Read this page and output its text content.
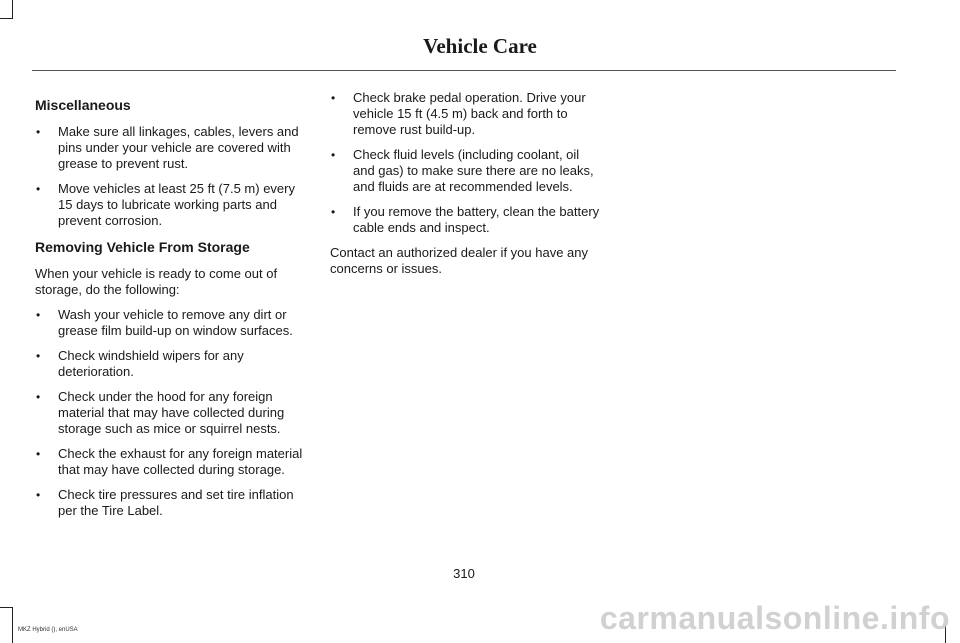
Vehicle Care
Miscellaneous
• Make sure all linkages, cables, levers and pins under your vehicle are covered with grease to prevent rust.
• Move vehicles at least 25 ft (7.5 m) every 15 days to lubricate working parts and prevent corrosion.
Removing Vehicle From Storage

When your vehicle is ready to come out of storage, do the following:

• Wash your vehicle to remove any dirt or grease film build-up on window surfaces.
• Check windshield wipers for any deterioration.
• Check under the hood for any foreign material that may have collected during storage such as mice or squirrel nests.
• Check the exhaust for any foreign material that may have collected during storage.
• Check tire pressures and set tire inflation per the Tire Label.
• Check brake pedal operation. Drive your vehicle 15 ft (4.5 m) back and forth to remove rust build-up.
• Check fluid levels (including coolant, oil and gas) to make sure there are no leaks, and fluids are at recommended levels.
• If you remove the battery, clean the battery cable ends and inspect.

Contact an authorized dealer if you have any concerns or issues.

310
MKZ Hybrid (), enUSA	carmanualsonline.info
